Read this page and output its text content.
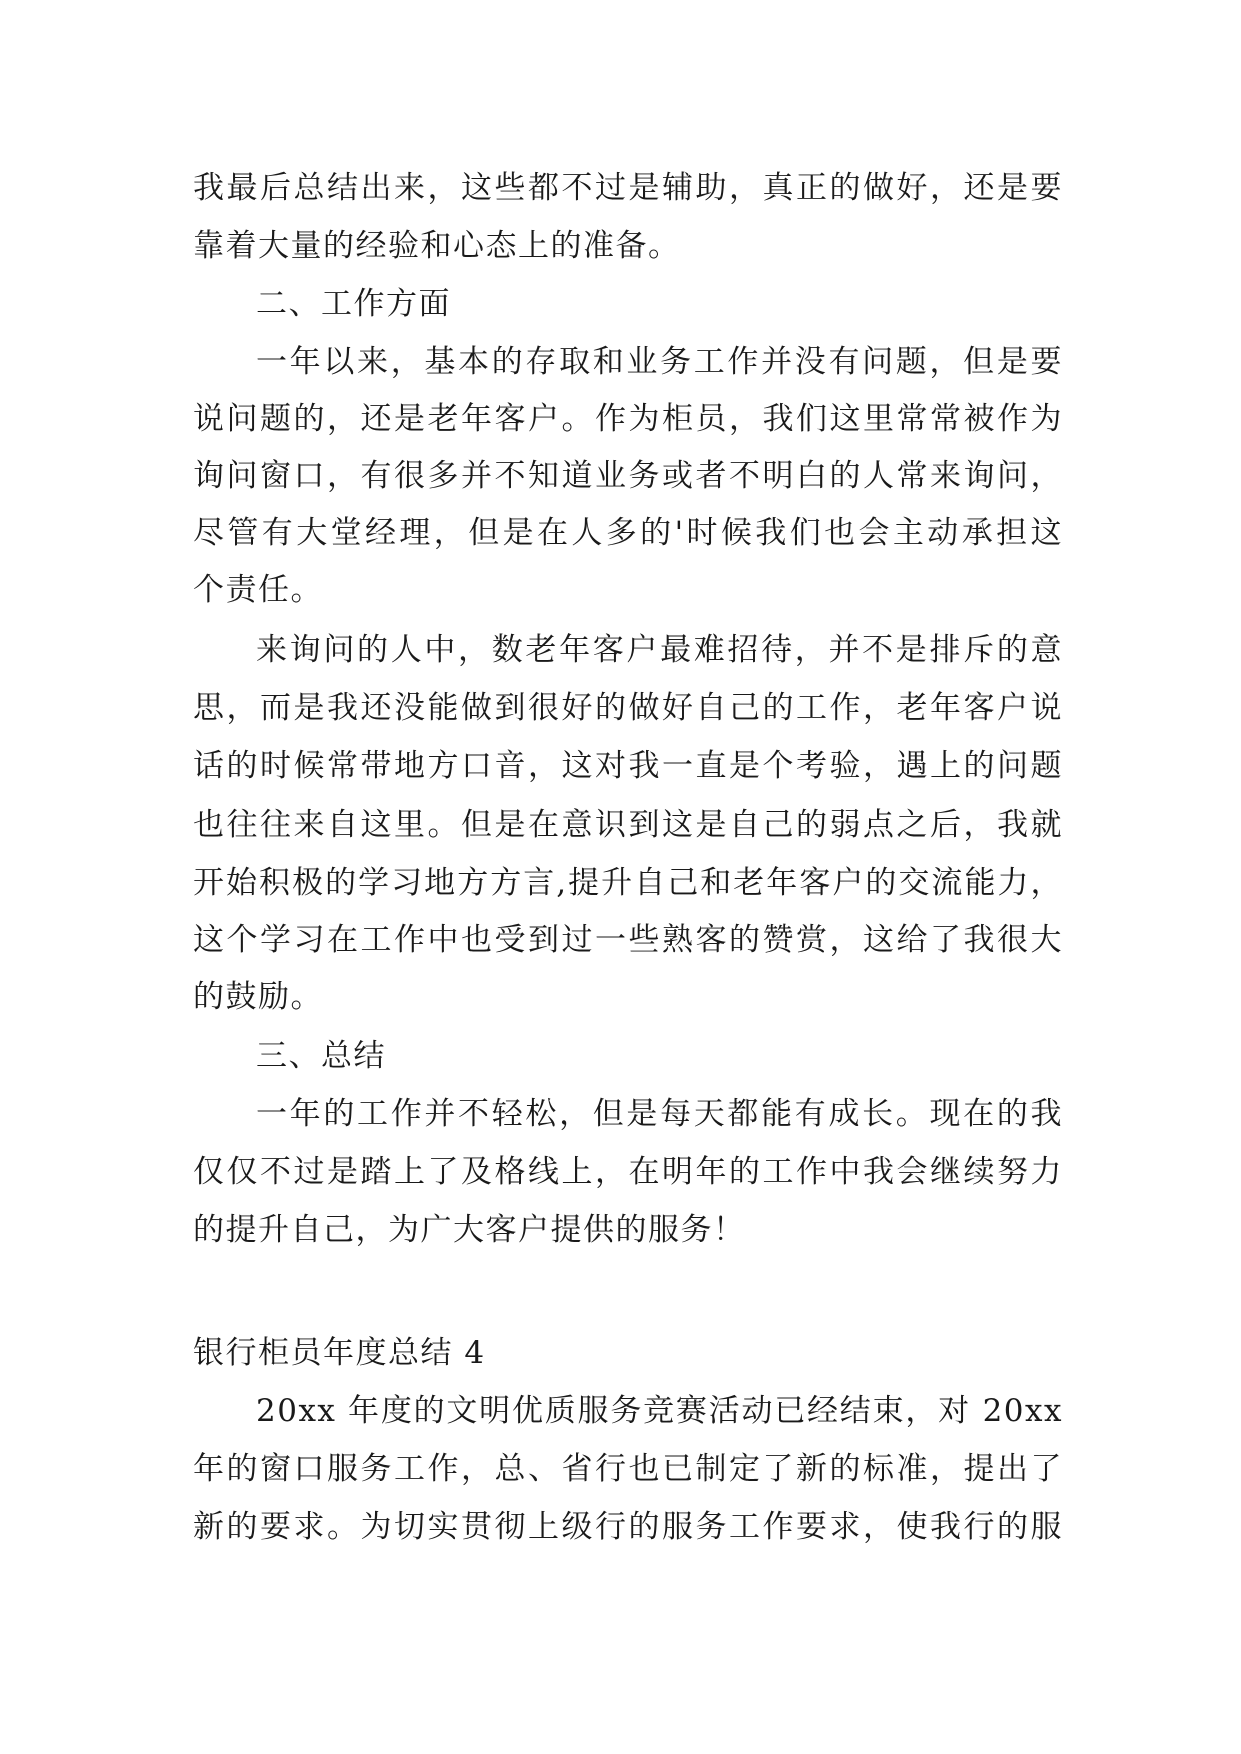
我最后总结出来，这些都不过是辅助，真正的做好，还是要
靠着大量的经验和心态上的准备。
二、工作方面
一年以来，基本的存取和业务工作并没有问题，但是要
说问题的，还是老年客户。作为柜员，我们这里常常被作为
询问窗口，有很多并不知道业务或者不明白的人常来询问，
尽管有大堂经理，但是在人多的'时候我们也会主动承担这
个责任。
来询问的人中，数老年客户最难招待，并不是排斥的意
思，而是我还没能做到很好的做好自己的工作，老年客户说
话的时候常带地方口音，这对我一直是个考验，遇上的问题
也往往来自这里。但是在意识到这是自己的弱点之后，我就
开始积极的学习地方方言,提升自己和老年客户的交流能力，
这个学习在工作中也受到过一些熟客的赞赏，这给了我很大
的鼓励。
三、总结
一年的工作并不轻松，但是每天都能有成长。现在的我
仅仅不过是踏上了及格线上，在明年的工作中我会继续努力
的提升自己，为广大客户提供的服务！
银行柜员年度总结 4
20xx 年度的文明优质服务竞赛活动已经结束，对 20xx
年的窗口服务工作，总、省行也已制定了新的标准，提出了
新的要求。为切实贯彻上级行的服务工作要求，使我行的服
